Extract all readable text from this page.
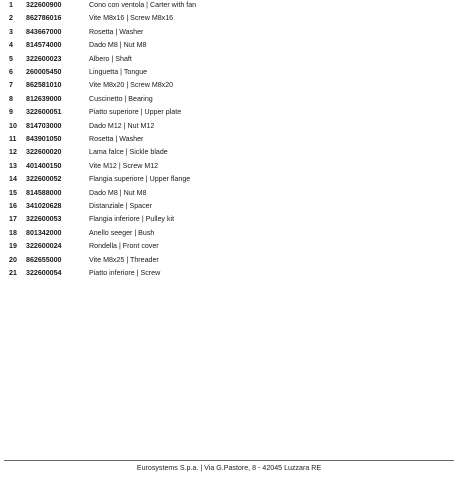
1 322600900	Cono con ventola | Carter with fan
2 862786016	Vite M8x16 | Screw M8x16
3 843667000	Rosetta | Washer
4 814574000	Dado M8 | Nut M8
5 322600023	Albero | Shaft
6 260005450	Linguetta | Tongue
7 862581010	Vite M8x20 | Screw M8x20
8 812639000	Cuscinetto | Bearing
9 322600051	Piatto superiore | Upper plate
10 814703000	Dado M12 | Nut M12
11 843901050	Rosetta | Washer
12 322600020	Lama falce | Sickle blade
13 401400150	Vite M12 | Screw M12
14 322600052	Flangia superiore | Upper flange
15 814588000	Dado M8 | Nut M8
16 341020628	Distanziale | Spacer
17 322600053	Flangia inferiore | Pulley kit
18 801342000	Anello seeger | Bush
19 322600024	Rondella | Front cover
20 862655000	Vite M8x25 | Threader
21 322600054	Piatto inferiore | Screw
Eurosystems S.p.a. | Via G.Pastore, 8 - 42045 Luzzara RE
